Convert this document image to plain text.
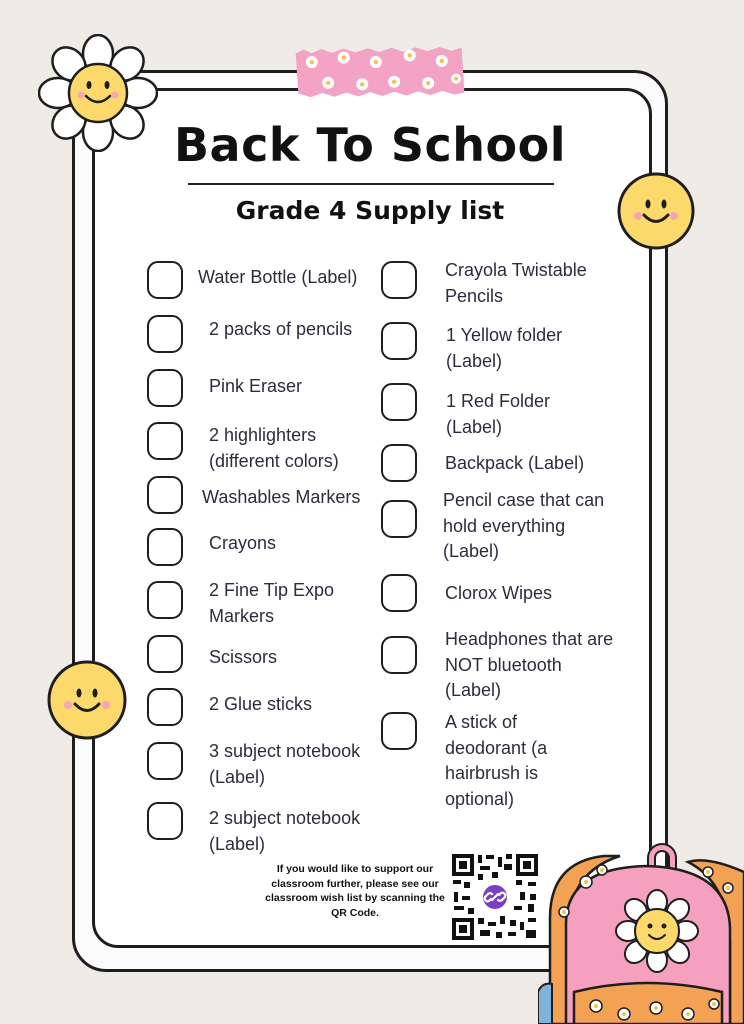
Back To School
Grade 4 Supply list
Water Bottle (Label)
2 packs of pencils
Pink Eraser
2 highlighters
(different colors)
Washables Markers
Crayons
2 Fine Tip Expo
Markers
Scissors
2 Glue sticks
3 subject notebook
(Label)
2 subject notebook
(Label)
Crayola Twistable
Pencils
1 Yellow folder
(Label)
1 Red Folder
(Label)
Backpack (Label)
Pencil case that can
hold everything
(Label)
Clorox Wipes
Headphones that are
NOT bluetooth
(Label)
A stick of
deodorant (a
hairbrush is
optional)
If you would like to support our classroom further, please see our classroom wish list by scanning the QR Code.
